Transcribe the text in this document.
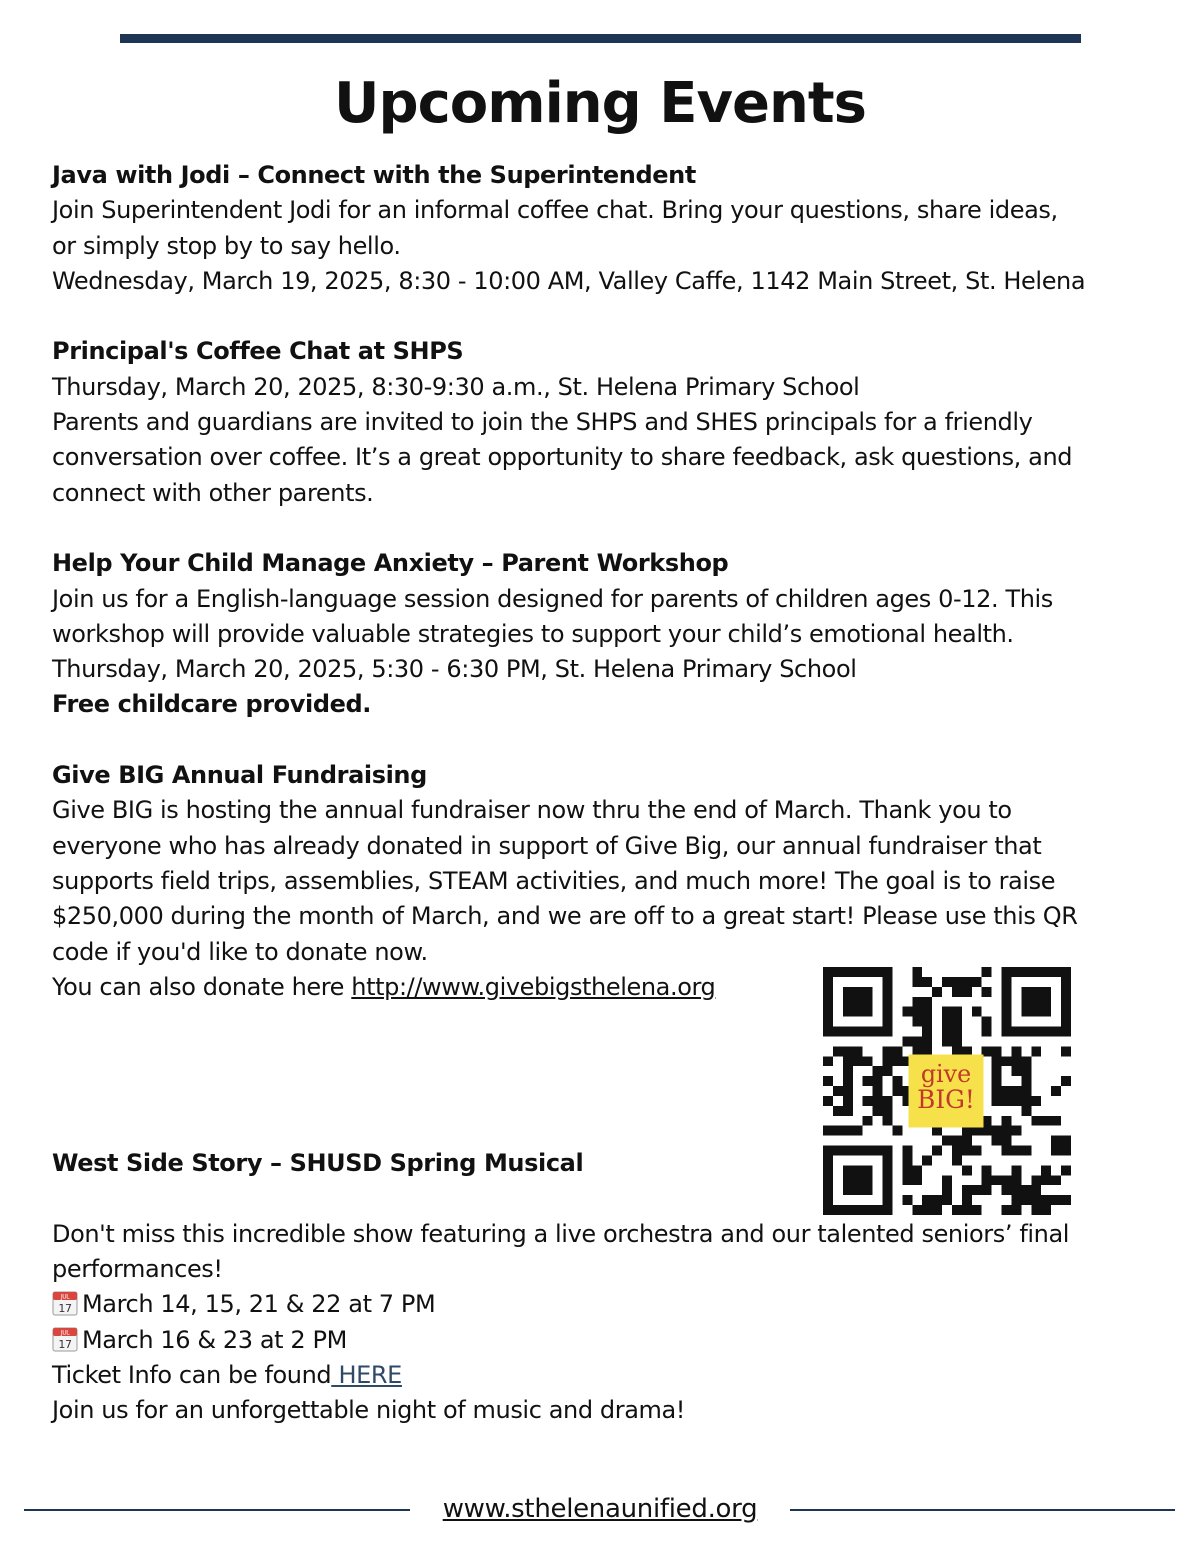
Upcoming Events
Java with Jodi – Connect with the Superintendent
Join Superintendent Jodi for an informal coffee chat. Bring your questions, share ideas,
or simply stop by to say hello.
Wednesday, March 19, 2025, 8:30 - 10:00 AM, Valley Caffe, 1142 Main Street, St. Helena
Principal's Coffee Chat at SHPS
Thursday, March 20, 2025, 8:30-9:30 a.m., St. Helena Primary School
Parents and guardians are invited to join the SHPS and SHES principals for a friendly
conversation over coffee. It’s a great opportunity to share feedback, ask questions, and
connect with other parents.
Help Your Child Manage Anxiety – Parent Workshop
Join us for a English-language session designed for parents of children ages 0-12. This
workshop will provide valuable strategies to support your child’s emotional health.
Thursday, March 20, 2025, 5:30 - 6:30 PM, St. Helena Primary School
Free childcare provided.
Give BIG Annual Fundraising
Give BIG is hosting the annual fundraiser now thru the end of March. Thank you to
everyone who has already donated in support of Give Big, our annual fundraiser that
supports field trips, assemblies, STEAM activities, and much more! The goal is to raise
$250,000 during the month of March, and we are off to a great start! Please use this QR
code if you'd like to donate now.
You can also donate here http://www.givebigsthelena.org
West Side Story – SHUSD Spring Musical
Don't miss this incredible show featuring a live orchestra and our talented seniors’ final
performances!
JUL
17 March 14, 15, 21 & 22 at 7 PM
JUL
17 March 16 & 23 at 2 PM
Ticket Info can be found HERE
Join us for an unforgettable night of music and drama!
give
BIG!
www.sthelenaunified.org
